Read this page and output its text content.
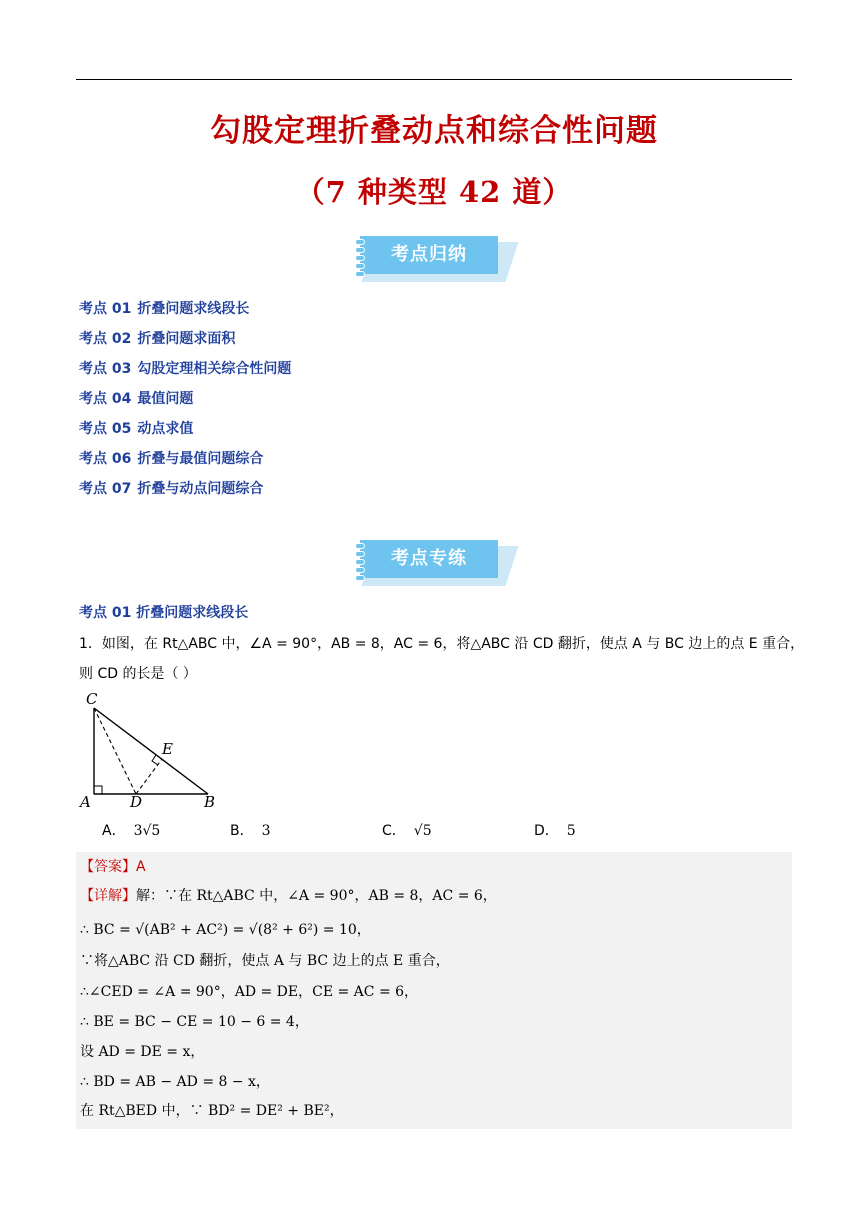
勾股定理折叠动点和综合性问题
（7 种类型 42 道）
考点归纳
考点 01 折叠问题求线段长
考点 02 折叠问题求面积
考点 03 勾股定理相关综合性问题
考点 04 最值问题
考点 05 动点求值
考点 06 折叠与最值问题综合
考点 07 折叠与动点问题综合
考点专练
考点 01 折叠问题求线段长
1．如图，在 Rt△ABC 中，∠A = 90°，AB = 8，AC = 6，将△ABC 沿 CD 翻折，使点 A 与 BC 边上的点 E 重合，
则 CD 的长是（ ）
C
E
A	D	B
A． 3√5	B． 3	C． √5	D． 5
【答案】A
【详解】解：∵在 Rt△ABC 中，∠A = 90°，AB = 8，AC = 6，
∴ BC = √(AB² + AC²) = √(8² + 6²) = 10，
∵将△ABC 沿 CD 翻折，使点 A 与 BC 边上的点 E 重合，
∴∠CED = ∠A = 90°，AD = DE，CE = AC = 6，
∴ BE = BC − CE = 10 − 6 = 4，
设 AD = DE = x，
∴ BD = AB − AD = 8 − x，
在 Rt△BED 中，∵ BD² = DE² + BE²，
